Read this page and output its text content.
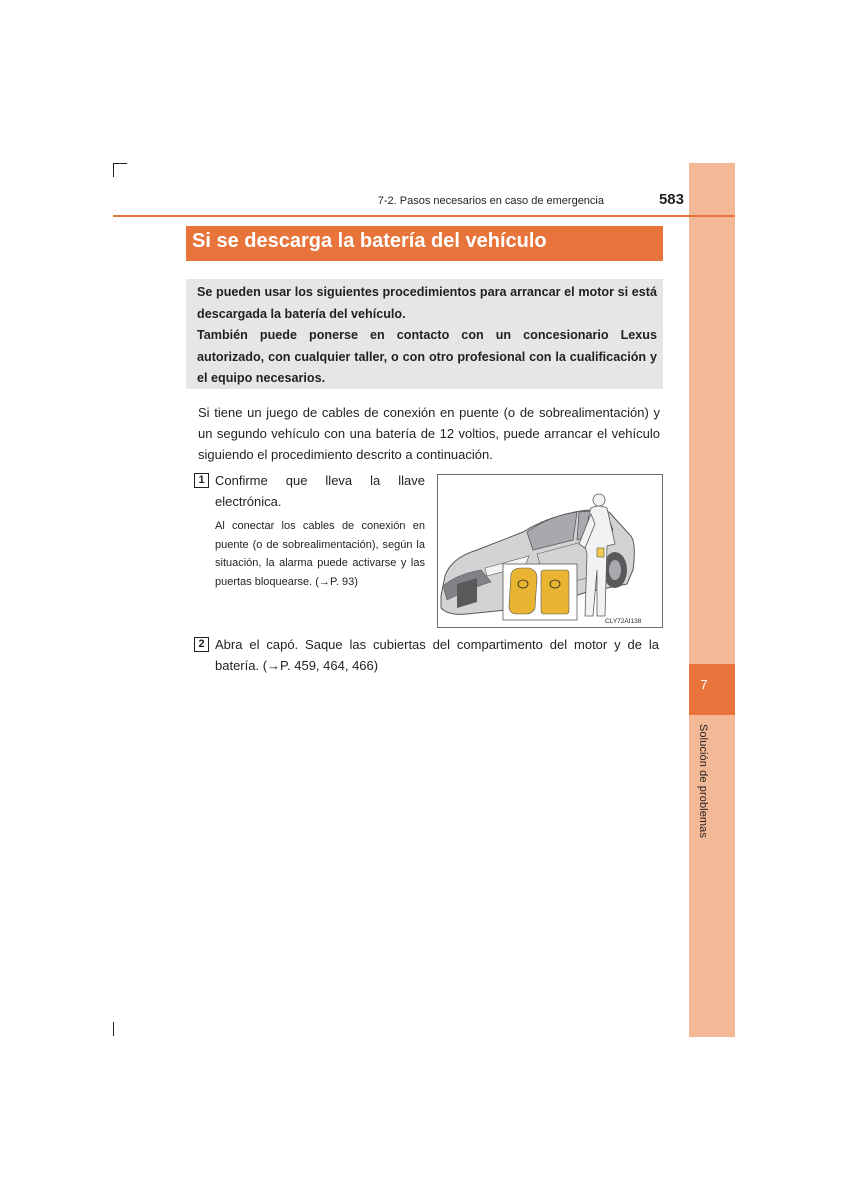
7
Solución de problemas
7-2. Pasos necesarios en caso de emergencia	583
Si se descarga la batería del vehículo
Se pueden usar los siguientes procedimientos para arrancar el motor si está descargada la batería del vehículo.
También puede ponerse en contacto con un concesionario Lexus autorizado, con cualquier taller, o con otro profesional con la cualificación y el equipo necesarios.
Si tiene un juego de cables de conexión en puente (o de sobrealimentación) y un segundo vehículo con una batería de 12 voltios, puede arrancar el vehículo siguiendo el procedimiento descrito a continuación.
1 Confirme que lleva la llave electrónica.
Al conectar los cables de conexión en puente (o de sobrealimentación), según la situación, la alarma puede activarse y las puertas bloquearse. (→P. 93)
CLY72AI138
2 Abra el capó. Saque las cubiertas del compartimento del motor y de la batería. (→P. 459, 464, 466)
